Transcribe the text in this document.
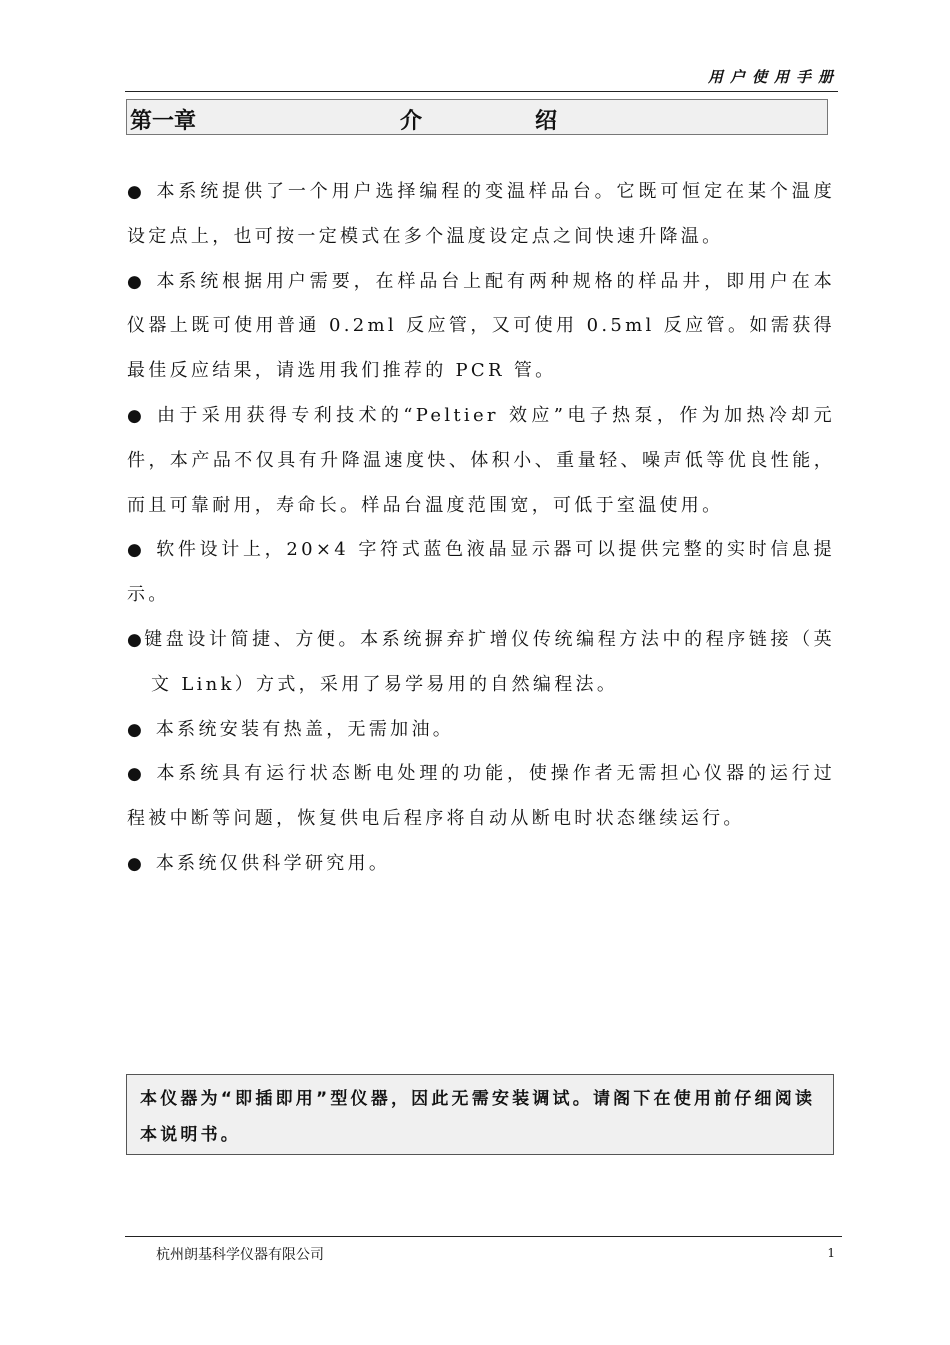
用户使用手册
第一章	介	绍

● 本系统提供了一个用户选择编程的变温样品台。它既可恒定在某个温度设定点上，也可按一定模式在多个温度设定点之间快速升降温。

● 本系统根据用户需要，在样品台上配有两种规格的样品井，即用户在本仪器上既可使用普通 0.2ml 反应管，又可使用 0.5ml 反应管。如需获得最佳反应结果，请选用我们推荐的 PCR 管。

● 由于采用获得专利技术的“Peltier 效应”电子热泵，作为加热冷却元件，本产品不仅具有升降温速度快、体积小、重量轻、噪声低等优良性能，而且可靠耐用，寿命长。样品台温度范围宽，可低于室温使用。

● 软件设计上，20×4 字符式蓝色液晶显示器可以提供完整的实时信息提示。

● 键盘设计简捷、方便。本系统摒弃扩增仪传统编程方法中的程序链接（英文 Link）方式，采用了易学易用的自然编程法。

● 本系统安装有热盖，无需加油。

● 本系统具有运行状态断电处理的功能，使操作者无需担心仪器的运行过程被中断等问题，恢复供电后程序将自动从断电时状态继续运行。

● 本系统仅供科学研究用。

本仪器为“即插即用”型仪器，因此无需安装调试。请阁下在使用前仔细阅读本说明书。
杭州朗基科学仪器有限公司	1
